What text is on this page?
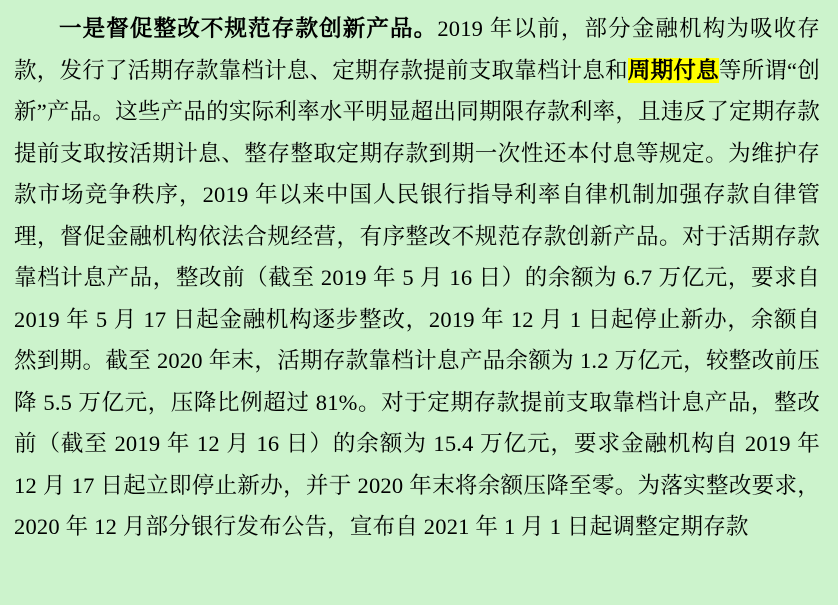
一是督促整改不规范存款创新产品。2019 年以前，部分金融机构为吸收存款，发行了活期存款靠档计息、定期存款提前支取靠档计息和周期付息等所谓“创新”产品。这些产品的实际利率水平明显超出同期限存款利率，且违反了定期存款提前支取按活期计息、整存整取定期存款到期一次性还本付息等规定。为维护存款市场竞争秩序，2019 年以来中国人民银行指导利率自律机制加强存款自律管理，督促金融机构依法合规经营，有序整改不规范存款创新产品。对于活期存款靠档计息产品，整改前（截至 2019 年 5 月 16 日）的余额为 6.7 万亿元，要求自 2019 年 5 月 17 日起金融机构逐步整改，2019 年 12 月 1 日起停止新办，余额自然到期。截至 2020 年末，活期存款靠档计息产品余额为 1.2 万亿元，较整改前压降 5.5 万亿元，压降比例超过 81%。对于定期存款提前支取靠档计息产品，整改前（截至 2019 年 12 月 16 日）的余额为 15.4 万亿元，要求金融机构自 2019 年 12 月 17 日起立即停止新办，并于 2020 年末将余额压降至零。为落实整改要求，2020 年 12 月部分银行发布公告，宣布自 2021 年 1 月 1 日起调整定期存款
